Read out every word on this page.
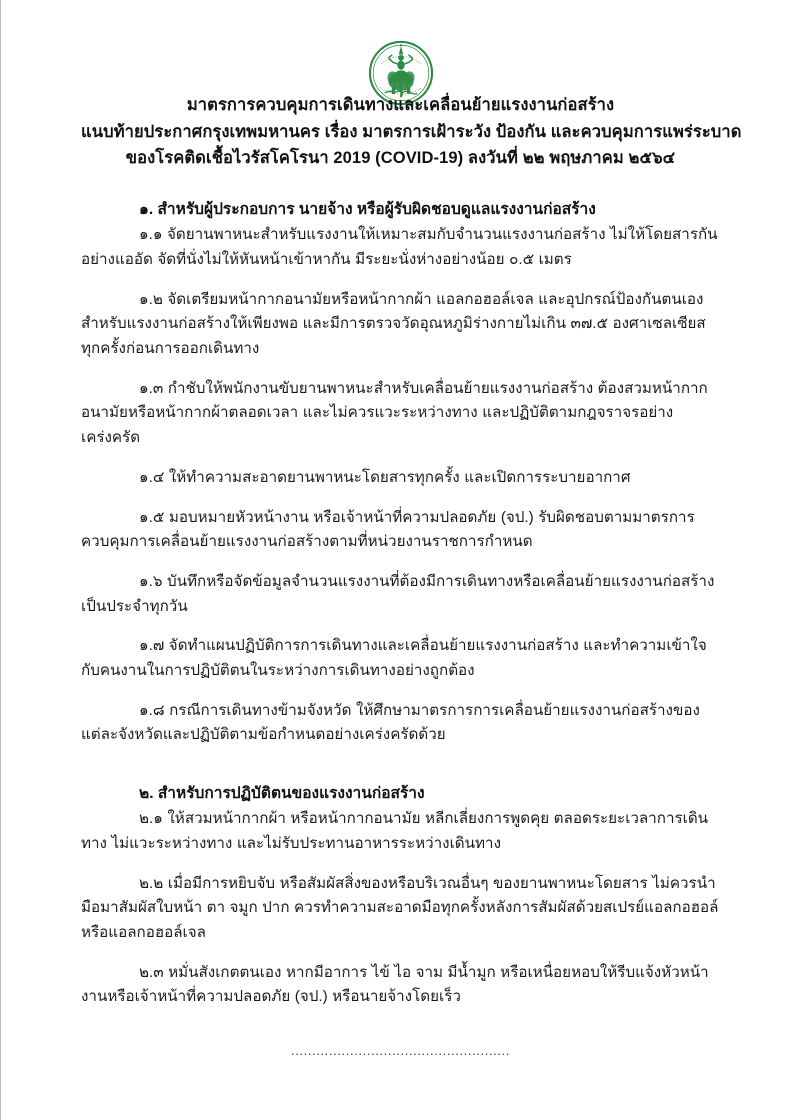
มาตรการควบคุมการเดินทางและเคลื่อนย้ายแรงงานก่อสร้าง
แนบท้ายประกาศกรุงเทพมหานคร เรื่อง มาตรการเฝ้าระวัง ป้องกัน และควบคุมการแพร่ระบาด
ของโรคติดเชื้อไวรัสโคโรนา 2019 (COVID-19) ลงวันที่ ๒๒ พฤษภาคม ๒๕๖๔
๑. สำหรับผู้ประกอบการ นายจ้าง หรือผู้รับผิดชอบดูแลแรงงานก่อสร้าง

๑.๑ จัดยานพาหนะสำหรับแรงงานให้เหมาะสมกับจำนวนแรงงานก่อสร้าง ไม่ให้โดยสารกันอย่างแออัด จัดที่นั่งไม่ให้หันหน้าเข้าหากัน มีระยะนั่งห่างอย่างน้อย ๐.๕ เมตร

๑.๒ จัดเตรียมหน้ากากอนามัยหรือหน้ากากผ้า แอลกอฮอล์เจล และอุปกรณ์ป้องกันตนเองสำหรับแรงงานก่อสร้างให้เพียงพอ และมีการตรวจวัดอุณหภูมิร่างกายไม่เกิน ๓๗.๕ องศาเซลเซียสทุกครั้งก่อนการออกเดินทาง

๑.๓ กำชับให้พนักงานขับยานพาหนะสำหรับเคลื่อนย้ายแรงงานก่อสร้าง ต้องสวมหน้ากากอนามัยหรือหน้ากากผ้าตลอดเวลา และไม่ควรแวะระหว่างทาง และปฏิบัติตามกฎจราจรอย่างเคร่งครัด

๑.๔ ให้ทำความสะอาดยานพาหนะโดยสารทุกครั้ง และเปิดการระบายอากาศ

๑.๕ มอบหมายหัวหน้างาน หรือเจ้าหน้าที่ความปลอดภัย (จป.) รับผิดชอบตามมาตรการควบคุมการเคลื่อนย้ายแรงงานก่อสร้างตามที่หน่วยงานราชการกำหนด

๑.๖ บันทึกหรือจัดข้อมูลจำนวนแรงงานที่ต้องมีการเดินทางหรือเคลื่อนย้ายแรงงานก่อสร้างเป็นประจำทุกวัน

๑.๗ จัดทำแผนปฏิบัติการการเดินทางและเคลื่อนย้ายแรงงานก่อสร้าง และทำความเข้าใจกับคนงานในการปฏิบัติตนในระหว่างการเดินทางอย่างถูกต้อง

๑.๘ กรณีการเดินทางข้ามจังหวัด ให้ศึกษามาตรการการเคลื่อนย้ายแรงงานก่อสร้างของแต่ละจังหวัดและปฏิบัติตามข้อกำหนดอย่างเคร่งครัดด้วย

๒. สำหรับการปฏิบัติตนของแรงงานก่อสร้าง

๒.๑ ให้สวมหน้ากากผ้า หรือหน้ากากอนามัย หลีกเลี่ยงการพูดคุย ตลอดระยะเวลาการเดินทาง ไม่แวะระหว่างทาง และไม่รับประทานอาหารระหว่างเดินทาง

๒.๒ เมื่อมีการหยิบจับ หรือสัมผัสสิ่งของหรือบริเวณอื่นๆ ของยานพาหนะโดยสาร ไม่ควรนำมือมาสัมผัสใบหน้า ตา จมูก ปาก ควรทำความสะอาดมือทุกครั้งหลังการสัมผัสด้วยสเปรย์แอลกอฮอล์หรือแอลกอฮอล์เจล

๒.๓ หมั่นสังเกตตนเอง หากมีอาการ ไข้ ไอ จาม มีน้ำมูก หรือเหนื่อยหอบให้รีบแจ้งหัวหน้างานหรือเจ้าหน้าที่ความปลอดภัย (จป.) หรือนายจ้างโดยเร็ว

....................................................
